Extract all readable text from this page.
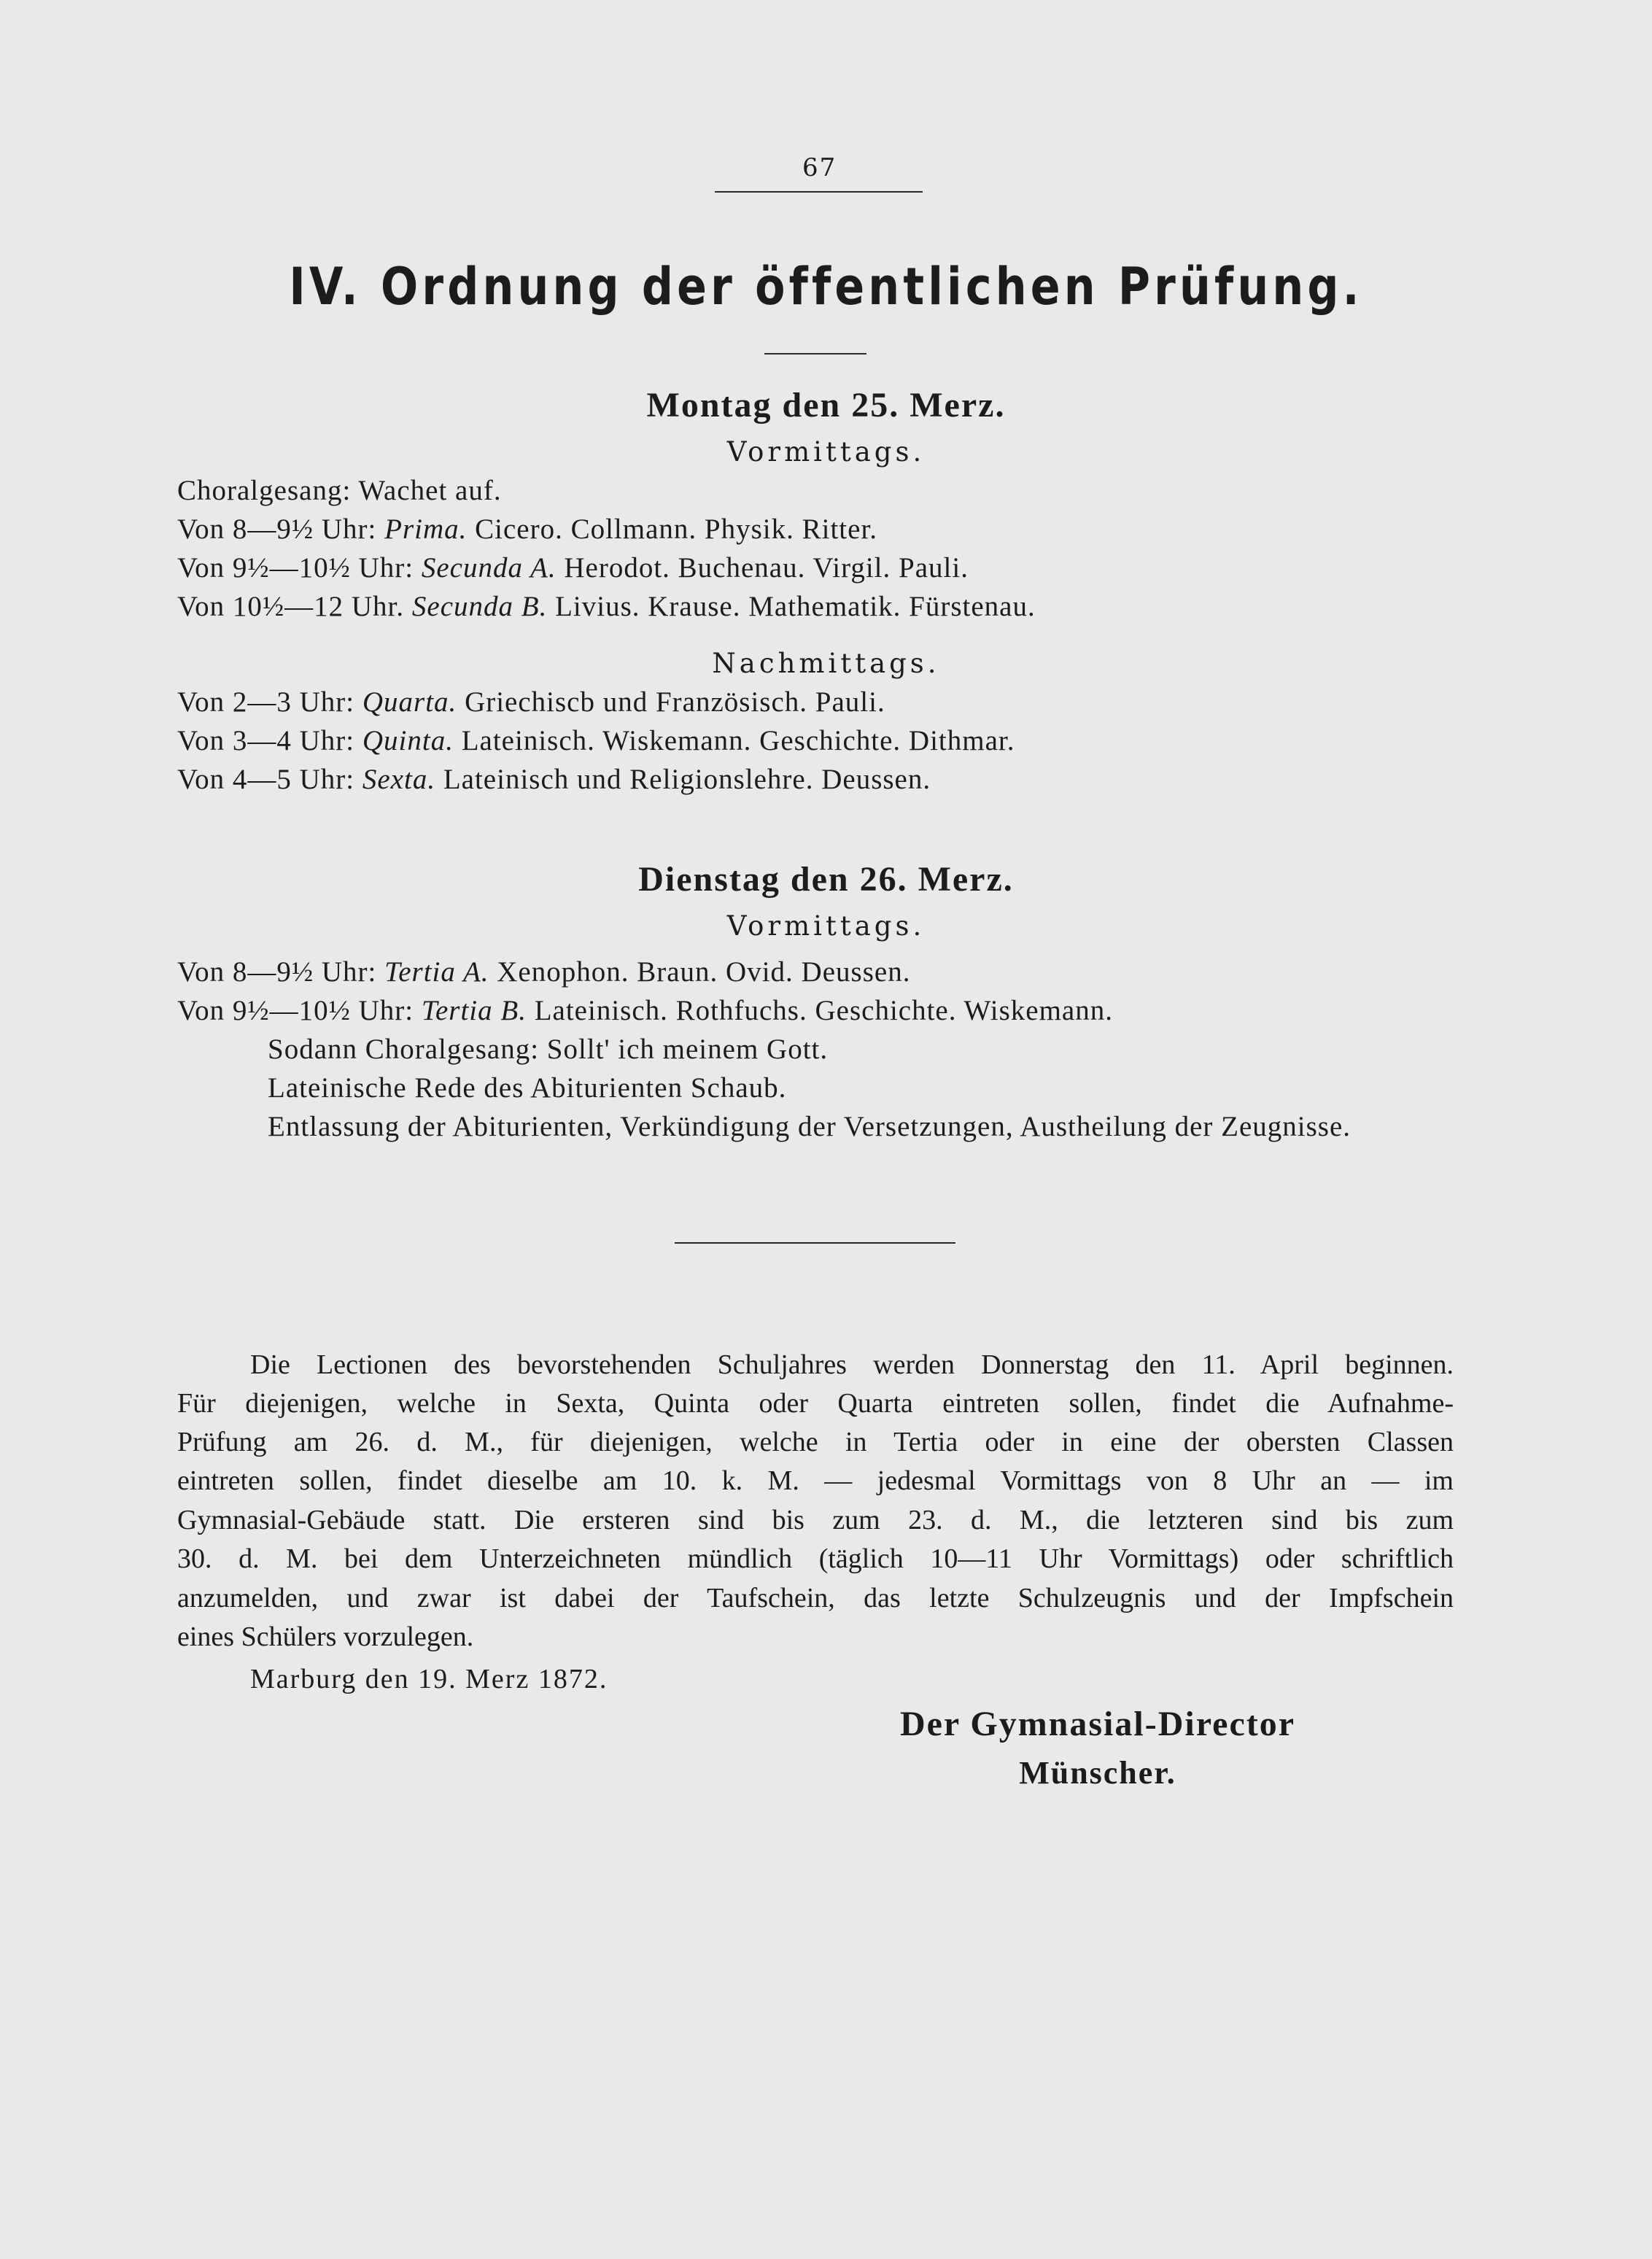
67
IV. Ordnung der öffentlichen Prüfung.
Montag den 25. Merz.
Vormittags.
Choralgesang: Wachet auf.
Von 8—9½ Uhr: Prima. Cicero. Collmann. Physik. Ritter.
Von 9½—10½ Uhr: Secunda A. Herodot. Buchenau. Virgil. Pauli.
Von 10½—12 Uhr. Secunda B. Livius. Krause. Mathematik. Fürstenau.
Nachmittags.
Von 2—3 Uhr: Quarta. Griechiscb und Französisch. Pauli.
Von 3—4 Uhr: Quinta. Lateinisch. Wiskemann. Geschichte. Dithmar.
Von 4—5 Uhr: Sexta. Lateinisch und Religionslehre. Deussen.
Dienstag den 26. Merz.
Vormittags.
Von 8—9½ Uhr: Tertia A. Xenophon. Braun. Ovid. Deussen.
Von 9½—10½ Uhr: Tertia B. Lateinisch. Rothfuchs. Geschichte. Wiskemann.
Sodann Choralgesang: Sollt' ich meinem Gott.
Lateinische Rede des Abiturienten Schaub.
Entlassung der Abiturienten, Verkündigung der Versetzungen, Austheilung der Zeugnisse.
Die Lectionen des bevorstehenden Schuljahres werden Donnerstag den 11. April beginnen.
Für diejenigen, welche in Sexta, Quinta oder Quarta eintreten sollen, findet die Aufnahme-
Prüfung am 26. d. M., für diejenigen, welche in Tertia oder in eine der obersten Classen
eintreten sollen, findet dieselbe am 10. k. M. — jedesmal Vormittags von 8 Uhr an — im
Gymnasial-Gebäude statt. Die ersteren sind bis zum 23. d. M., die letzteren sind bis zum
30. d. M. bei dem Unterzeichneten mündlich (täglich 10—11 Uhr Vormittags) oder schriftlich
anzumelden, und zwar ist dabei der Taufschein, das letzte Schulzeugnis und der Impfschein
eines Schülers vorzulegen.
Marburg den 19. Merz 1872.
Der Gymnasial-Director
Münscher.
